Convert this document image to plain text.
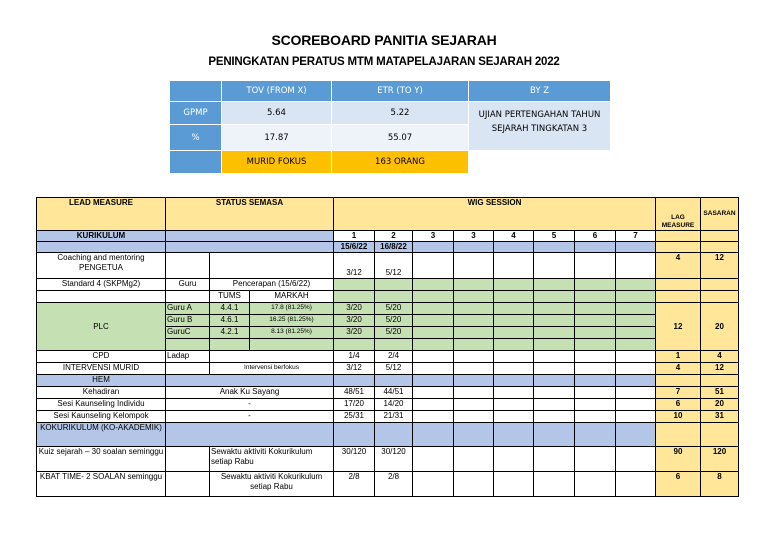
SCOREBOARD PANITIA SEJARAH
PENINGKATAN PERATUS MTM MATAPELAJARAN SEJARAH 2022
	TOV (FROM X)	ETR (TO Y)	BY Z
GPMP	5.64	5.22	UJIAN PERTENGAHAN TAHUN SEJARAH TINGKATAN 3
%	17.87	55.07	
	MURID FOKUS	163 ORANG	
LEAD MEASURE	STATUS SEMASA			WIG SESSION								LAG MEASURE	SASARAN
KURIKULUM				1	2	3	3	4	5	6	7		
				15/6/22	16/8/22								
Coaching and mentoring PENGETUA				3/12	5/12							4	12
Standard 4 (SKPMg2)	Guru	Pencerapan (15/6/22)											
		TUMS	MARKAH										
PLC	Guru A	4.4.1	17.8 (81.25%)	3/20	5/20							12	20
	Guru B	4.6.1	16.25 (81.25%)	3/20	5/20								
	GuruC	4.2.1	8.13 (81.25%)	3/20	5/20								

CPD	Ladap			1/4	2/4							1	4
INTERVENSI MURID		Intervensi berfokus		3/12	5/12							4	12
HEM													
Kehadiran	Anak Ku Sayang			48/51	44/51							7	51
Sesi Kaunseling Individu	-			17/20	14/20							6	20
Sesi Kaunseling Kelompok	-			25/31	21/31							10	31
KOKURIKULUM (KO-AKADEMIK)													
Kuiz sejarah – 30 soalan seminggu		Sewaktu aktiviti Kokurikulum setiap Rabu		30/120	30/120							90	120
KBAT TIME- 2 SOALAN seminggu		Sewaktu aktiviti Kokurikulum setiap Rabu		2/8	2/8							6	8
